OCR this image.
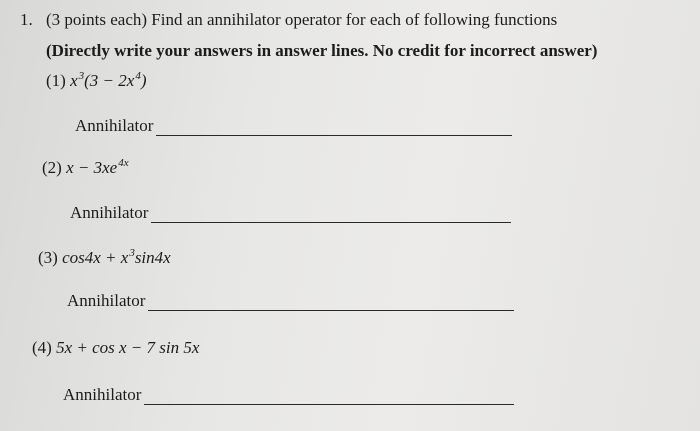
1. (3 points each) Find an annihilator operator for each of following functions
(Directly write your answers in answer lines. No credit for incorrect answer)
(1) $x^3(3 - 2x^4)$
Annihilator
(2) $x - 3xe^{4x}$
Annihilator
(3) $\cos 4x + x^3\sin 4x$
Annihilator
(4) 5x + cos x − 7 sin 5x
Annihilator
